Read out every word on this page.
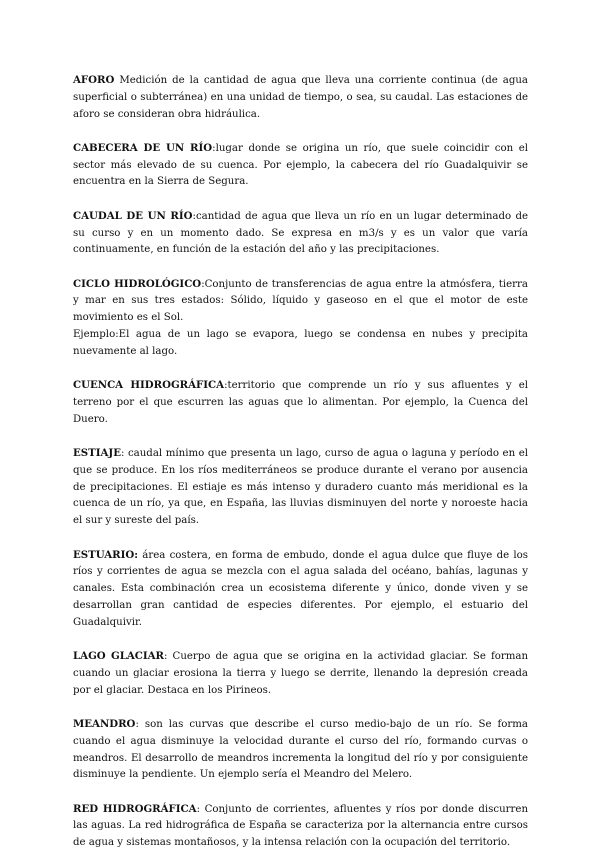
AFORO Medición de la cantidad de agua que lleva una corriente continua (de agua superficial o subterránea) en una unidad de tiempo, o sea, su caudal. Las estaciones de aforo se consideran obra hidráulica.

CABECERA DE UN RÍO:lugar donde se origina un río, que suele coincidir con el sector más elevado de su cuenca. Por ejemplo, la cabecera del río Guadalquivir se encuentra en la Sierra de Segura.

CAUDAL DE UN RÍO:cantidad de agua que lleva un río en un lugar determinado de su curso y en un momento dado. Se expresa en m3/s y es un valor que varía continuamente, en función de la estación del año y las precipitaciones.

CICLO HIDROLÓGICO:Conjunto de transferencias de agua entre la atmósfera, tierra y mar en sus tres estados: Sólido, líquido y gaseoso en el que el motor de este movimiento es el Sol.
Ejemplo:El agua de un lago se evapora, luego se condensa en nubes y precipita nuevamente al lago.

CUENCA HIDROGRÁFICA:territorio que comprende un río y sus afluentes y el terreno por el que escurren las aguas que lo alimentan. Por ejemplo, la Cuenca del Duero.

ESTIAJE: caudal mínimo que presenta un lago, curso de agua o laguna y período en el que se produce. En los ríos mediterráneos se produce durante el verano por ausencia de precipitaciones. El estiaje es más intenso y duradero cuanto más meridional es la cuenca de un río, ya que, en España, las lluvias disminuyen del norte y noroeste hacia el sur y sureste del país.

ESTUARIO: área costera, en forma de embudo, donde el agua dulce que fluye de los ríos y corrientes de agua se mezcla con el agua salada del océano, bahías, lagunas y canales. Esta combinación crea un ecosistema diferente y único, donde viven y se desarrollan gran cantidad de especies diferentes. Por ejemplo, el estuario del Guadalquivir.

LAGO GLACIAR: Cuerpo de agua que se origina en la actividad glaciar. Se forman cuando un glaciar erosiona la tierra y luego se derrite, llenando la depresión creada por el glaciar. Destaca en los Pirineos.

MEANDRO: son las curvas que describe el curso medio-bajo de un río. Se forma cuando el agua disminuye la velocidad durante el curso del río, formando curvas o meandros. El desarrollo de meandros incrementa la longitud del río y por consiguiente disminuye la pendiente. Un ejemplo sería el Meandro del Melero.

RED HIDROGRÁFICA: Conjunto de corrientes, afluentes y ríos por donde discurren las aguas. La red hidrográfica de España se caracteriza por la alternancia entre cursos de agua y sistemas montañosos, y la intensa relación con la ocupación del territorio.
